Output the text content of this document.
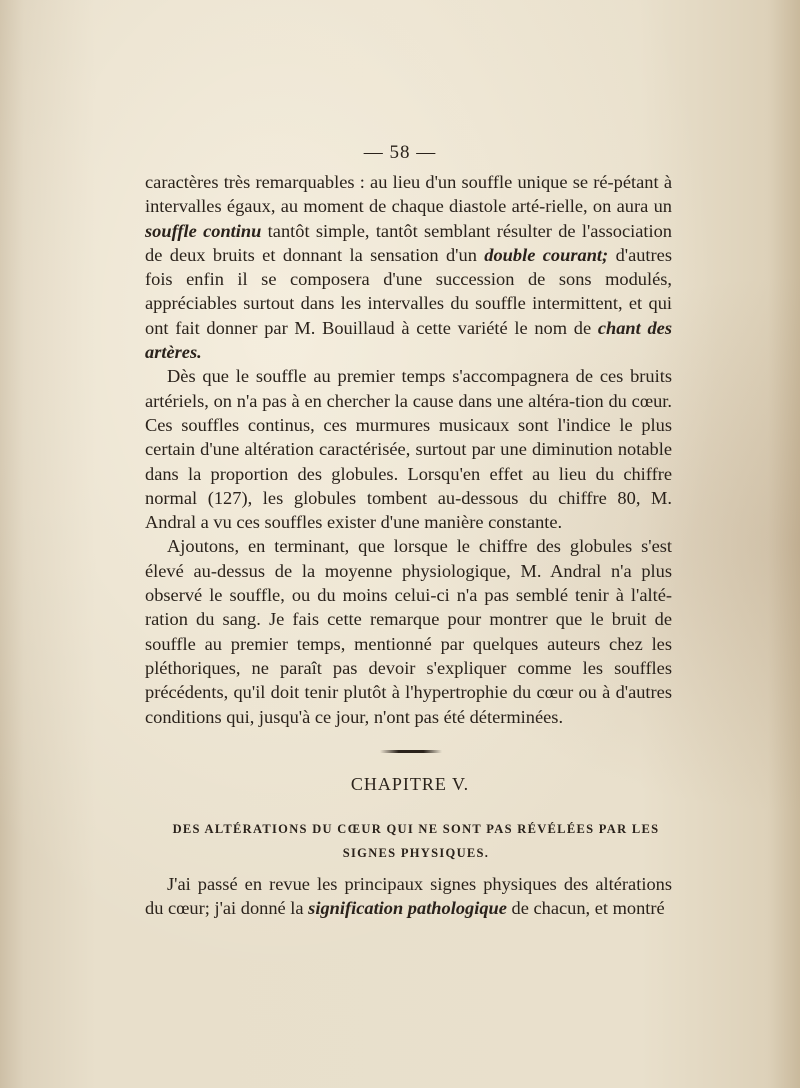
— 58 —

caractères très remarquables : au lieu d'un souffle unique se ré-pétant à intervalles égaux, au moment de chaque diastole arté-rielle, on aura un souffle continu tantôt simple, tantôt semblant résulter de l'association de deux bruits et donnant la sensation d'un double courant; d'autres fois enfin il se composera d'une succession de sons modulés, appréciables surtout dans les intervalles du souffle intermittent, et qui ont fait donner par M. Bouillaud à cette variété le nom de chant des artères.

Dès que le souffle au premier temps s'accompagnera de ces bruits artériels, on n'a pas à en chercher la cause dans une altéra-tion du cœur. Ces souffles continus, ces murmures musicaux sont l'indice le plus certain d'une altération caractérisée, surtout par une diminution notable dans la proportion des globules. Lorsqu'en effet au lieu du chiffre normal (127), les globules tombent au-dessous du chiffre 80, M. Andral a vu ces souffles exister d'une manière constante.

Ajoutons, en terminant, que lorsque le chiffre des globules s'est élevé au-dessus de la moyenne physiologique, M. Andral n'a plus observé le souffle, ou du moins celui-ci n'a pas semblé tenir à l'alté-ration du sang. Je fais cette remarque pour montrer que le bruit de souffle au premier temps, mentionné par quelques auteurs chez les pléthoriques, ne paraît pas devoir s'expliquer comme les souffles précédents, qu'il doit tenir plutôt à l'hypertrophie du cœur ou à d'autres conditions qui, jusqu'à ce jour, n'ont pas été déterminées.

CHAPITRE V.
DES ALTÉRATIONS DU CŒUR QUI NE SONT PAS RÉVÉLÉES PAR LES SIGNES PHYSIQUES.

J'ai passé en revue les principaux signes physiques des altérations du cœur; j'ai donné la signification pathologique de chacun, et montré
